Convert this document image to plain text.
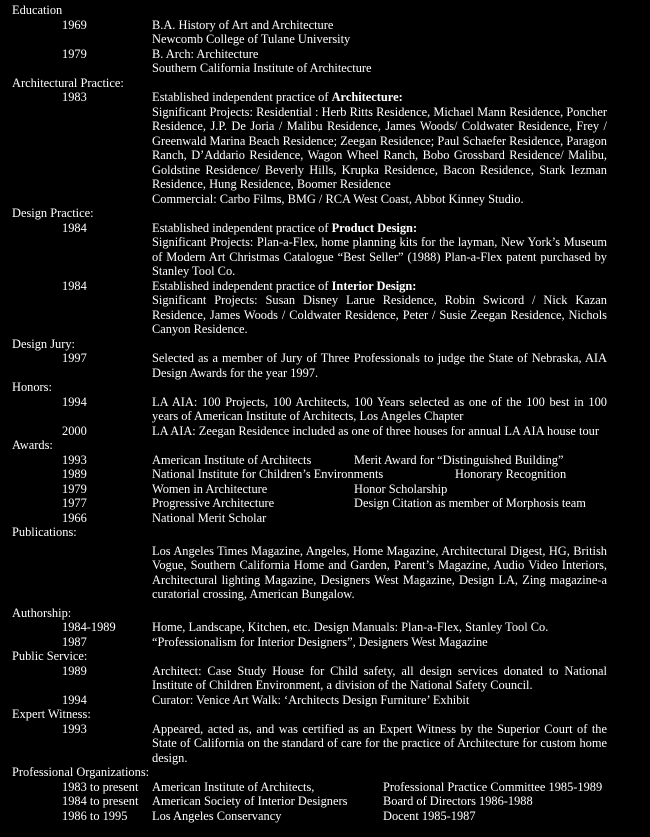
Education
1969	B.A. History of Art and Architecture

Newcomb College of Tulane University

1979	B. Arch: Architecture

Southern California Institute of Architecture

Architectural Practice:
1983	Established independent practice of Architecture:

Significant Projects: Residential : Herb Ritts Residence, Michael Mann Residence, Poncher Residence, J.P. De Joria / Malibu Residence, James Woods/ Coldwater Residence, Frey / Greenwald Marina Beach Residence; Zeegan Residence; Paul Schaefer Residence, Paragon Ranch, D’Addario Residence, Wagon Wheel Ranch, Bobo Grossbard Residence/ Malibu, Goldstine Residence/ Beverly Hills, Krupka Residence, Bacon Residence, Stark Iezman Residence, Hung Residence, Boomer Residence

Commercial: Carbo Films, BMG / RCA West Coast, Abbot Kinney Studio.

Design Practice:
1984	Established independent practice of Product Design:

Significant Projects: Plan-a-Flex, home planning kits for the layman, New York’s Museum of Modern Art Christmas Catalogue “Best Seller” (1988) Plan-a-Flex patent purchased by Stanley Tool Co.

1984	Established independent practice of Interior Design:

Significant Projects: Susan Disney Larue Residence, Robin Swicord / Nick Kazan Residence, James Woods / Coldwater Residence, Peter / Susie Zeegan Residence, Nichols Canyon Residence.

Design Jury:
1997	Selected as a member of Jury of Three Professionals to judge the State of Nebraska, AIA Design Awards for the year 1997.

Honors:
1994	LA AIA: 100 Projects, 100 Architects, 100 Years selected as one of the 100 best in 100 years of American Institute of Architects, Los Angeles Chapter

2000	LA AIA: Zeegan Residence included as one of three houses for annual LA AIA house tour

Awards:
1993	American Institute of Architects	Merit Award for “Distinguished Building”
1989	National Institute for Children’s Environments	Honorary Recognition
1979	Women in Architecture	Honor Scholarship
1977	Progressive Architecture	Design Citation as member of Morphosis team
1966	National Merit Scholar
Publications:

Los Angeles Times Magazine, Angeles, Home Magazine, Architectural Digest, HG, British Vogue, Southern California Home and Garden, Parent’s Magazine, Audio Video Interiors, Architectural lighting Magazine, Designers West Magazine, Design LA, Zing magazine-a curatorial crossing, American Bungalow.

Authorship:
1984-1989	Home, Landscape, Kitchen, etc. Design Manuals: Plan-a-Flex, Stanley Tool Co.

1987	“Professionalism for Interior Designers”, Designers West Magazine

Public Service:
1989	Architect: Case Study House for Child safety, all design services donated to National Institute of Children Environment, a division of the National Safety Council.

1994	Curator: Venice Art Walk: ‘Architects Design Furniture’ Exhibit

Expert Witness:
1993	Appeared, acted as, and was certified as an Expert Witness by the Superior Court of the State of California on the standard of care for the practice of Architecture for custom home design.

Professional Organizations:
1983 to present	American Institute of Architects,	Professional Practice Committee 1985-1989
1984 to present	American Society of Interior Designers	Board of Directors 1986-1988
1986 to 1995	Los Angeles Conservancy	Docent 1985-1987
